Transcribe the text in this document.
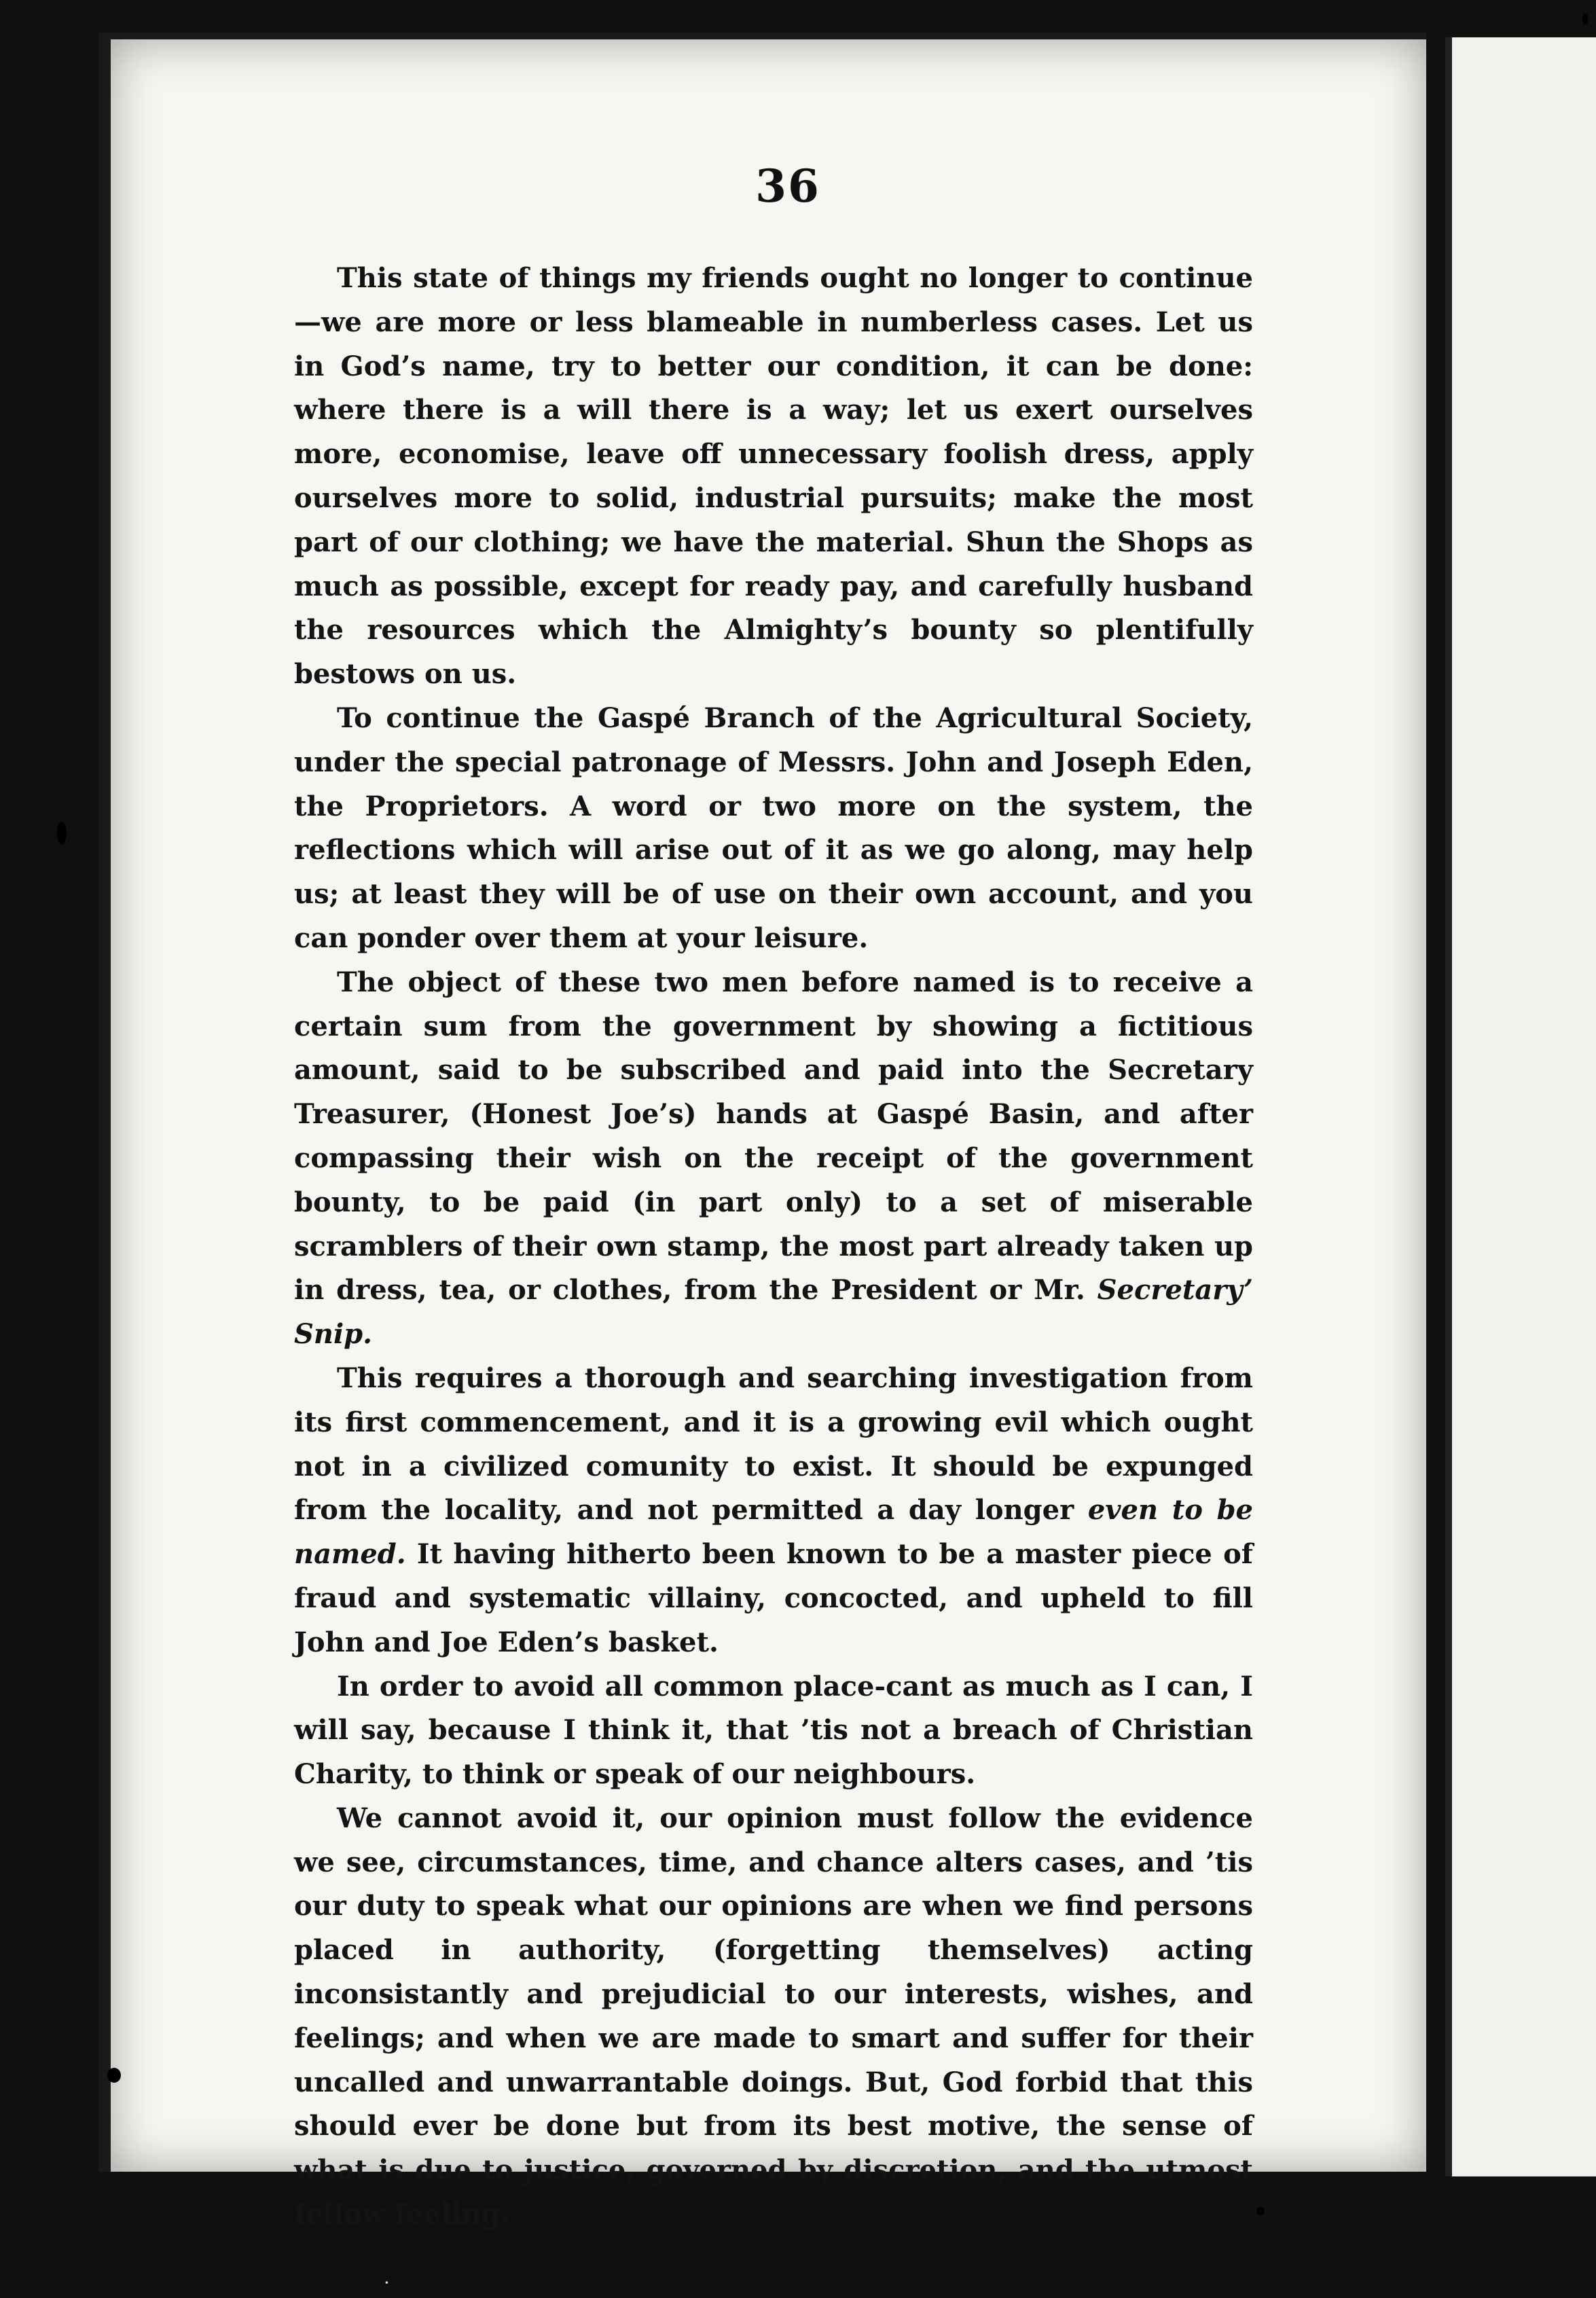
36

This state of things my friends ought no longer to continue—we are more or less blameable in numberless cases. Let us in God’s name, try to better our condition, it can be done: where there is a will there is a way; let us exert ourselves more, economise, leave off unnecessary foolish dress, apply ourselves more to solid, industrial pursuits; make the most part of our clothing; we have the material. Shun the Shops as much as possible, except for ready pay, and carefully husband the resources which the Almighty’s bounty so plentifully bestows on us.

To continue the Gaspé Branch of the Agricultural Society, under the special patronage of Messrs. John and Joseph Eden, the Proprietors. A word or two more on the system, the reflections which will arise out of it as we go along, may help us; at least they will be of use on their own account, and you can ponder over them at your leisure.

The object of these two men before named is to receive a certain sum from the government by showing a fictitious amount, said to be subscribed and paid into the Secretary Treasurer, (Honest Joe’s) hands at Gaspé Basin, and after compassing their wish on the receipt of the government bounty, to be paid (in part only) to a set of miserable scramblers of their own stamp, the most part already taken up in dress, tea, or clothes, from the President or Mr. Secretary’ Snip.

This requires a thorough and searching investigation from its first commencement, and it is a growing evil which ought not in a civilized comunity to exist. It should be expunged from the locality, and not permitted a day longer even to be named. It having hitherto been known to be a master piece of fraud and systematic villainy, concocted, and upheld to fill John and Joe Eden’s basket.

In order to avoid all common place-cant as much as I can, I will say, because I think it, that ’tis not a breach of Christian Charity, to think or speak of our neighbours.

We cannot avoid it, our opinion must follow the evidence we see, circumstances, time, and chance alters cases, and ’tis our duty to speak what our opinions are when we find persons placed in authority, (forgetting themselves) acting inconsistantly and prejudicial to our interests, wishes, and feelings; and when we are made to smart and suffer for their uncalled and unwarrantable doings. But, God forbid that this should ever be done but from its best motive, the sense of what is due to justice, governed by discretion, and the utmost fellow feeling.

·
